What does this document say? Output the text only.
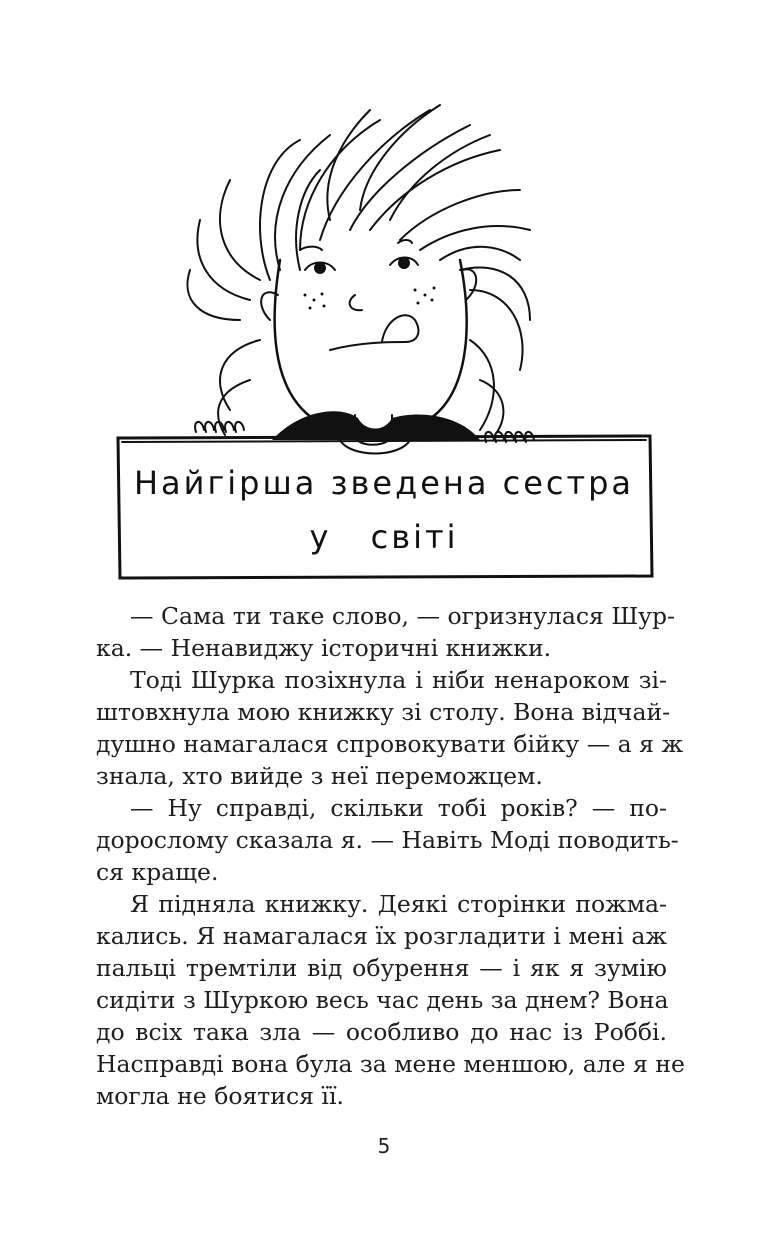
Найгірша зведена сестра
у світі
— Сама ти таке слово, — огризнулася Шур-
ка. — Ненавиджу історичні книжки.
Тоді Шурка позіхнула і ніби ненароком зі-
штовхнула мою книжку зі столу. Вона відчай-
душно намагалася спровокувати бійку — а я ж
знала, хто вийде з неї переможцем.
— Ну справді, скільки тобі років? — по-
дорослому сказала я. — Навіть Моді поводить-
ся краще.
Я підняла книжку. Деякі сторінки пожма-
кались. Я намагалася їх розгладити і мені аж
пальці тремтіли від обурення — і як я зумію
сидіти з Шуркою весь час день за днем? Вона
до всіх така зла — особливо до нас із Роббі.
Насправді вона була за мене меншою, але я не
могла не боятися її.
5
